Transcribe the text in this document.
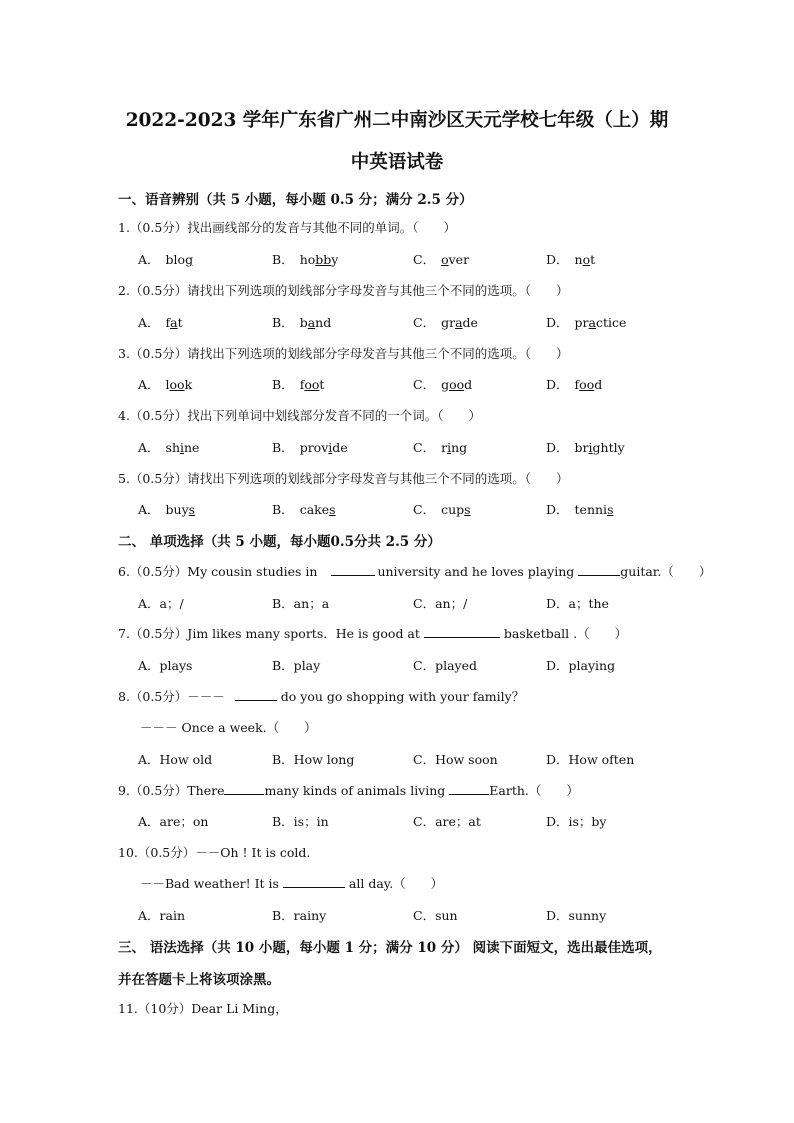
2022-2023 学年广东省广州二中南沙区天元学校七年级（上）期
中英语试卷
一、语音辨别（共 5 小题，每小题 0.5 分；满分 2.5 分）
1.（0.5分）找出画线部分的发音与其他不同的单词。（　　）
A． blog	B． hobby	C． over	D． not
2.（0.5分）请找出下列选项的划线部分字母发音与其他三个不同的选项。（　　）
A． fat	B． band	C． grade	D． practice
3.（0.5分）请找出下列选项的划线部分字母发音与其他三个不同的选项。（　　）
A． look	B． foot	C． good	D． food
4.（0.5分）找出下列单词中划线部分发音不同的一个词。（　　）
A． shine	B． provide	C． ring	D． brightly
5.（0.5分）请找出下列选项的划线部分字母发音与其他三个不同的选项。（　　）
A． buys	B． cakes	C． cups	D． tennis
二、 单项选择（共 5 小题，每小题0.5分共 2.5 分）
6.（0.5分）My cousin studies in	university and he loves playing	guitar.（　　）
A．a；/	B．an；a	C．an；/	D．a；the
7.（0.5分）Jim likes many sports．He is good at	basketball .（　　）
A．plays	B．play	C．played	D．playing
8.（0.5分）－－－	do you go shopping with your family？
－－－ Once a week.（　　）
A．How old	B．How long	C．How soon	D．How often
9.（0.5分）There	many kinds of animals living	Earth.（　　）
A．are；on	B．is；in	C．are；at	D．is；by
10.（0.5分）－－Oh ! It is cold.
－－Bad weather! It is	all day.（　　）
A．rain	B．rainy	C．sun	D．sunny
三、 语法选择（共 10 小题，每小题 1 分；满分 10 分） 阅读下面短文，选出最佳选项，
并在答题卡上将该项涂黑。
11.（10分）Dear Li Ming，
